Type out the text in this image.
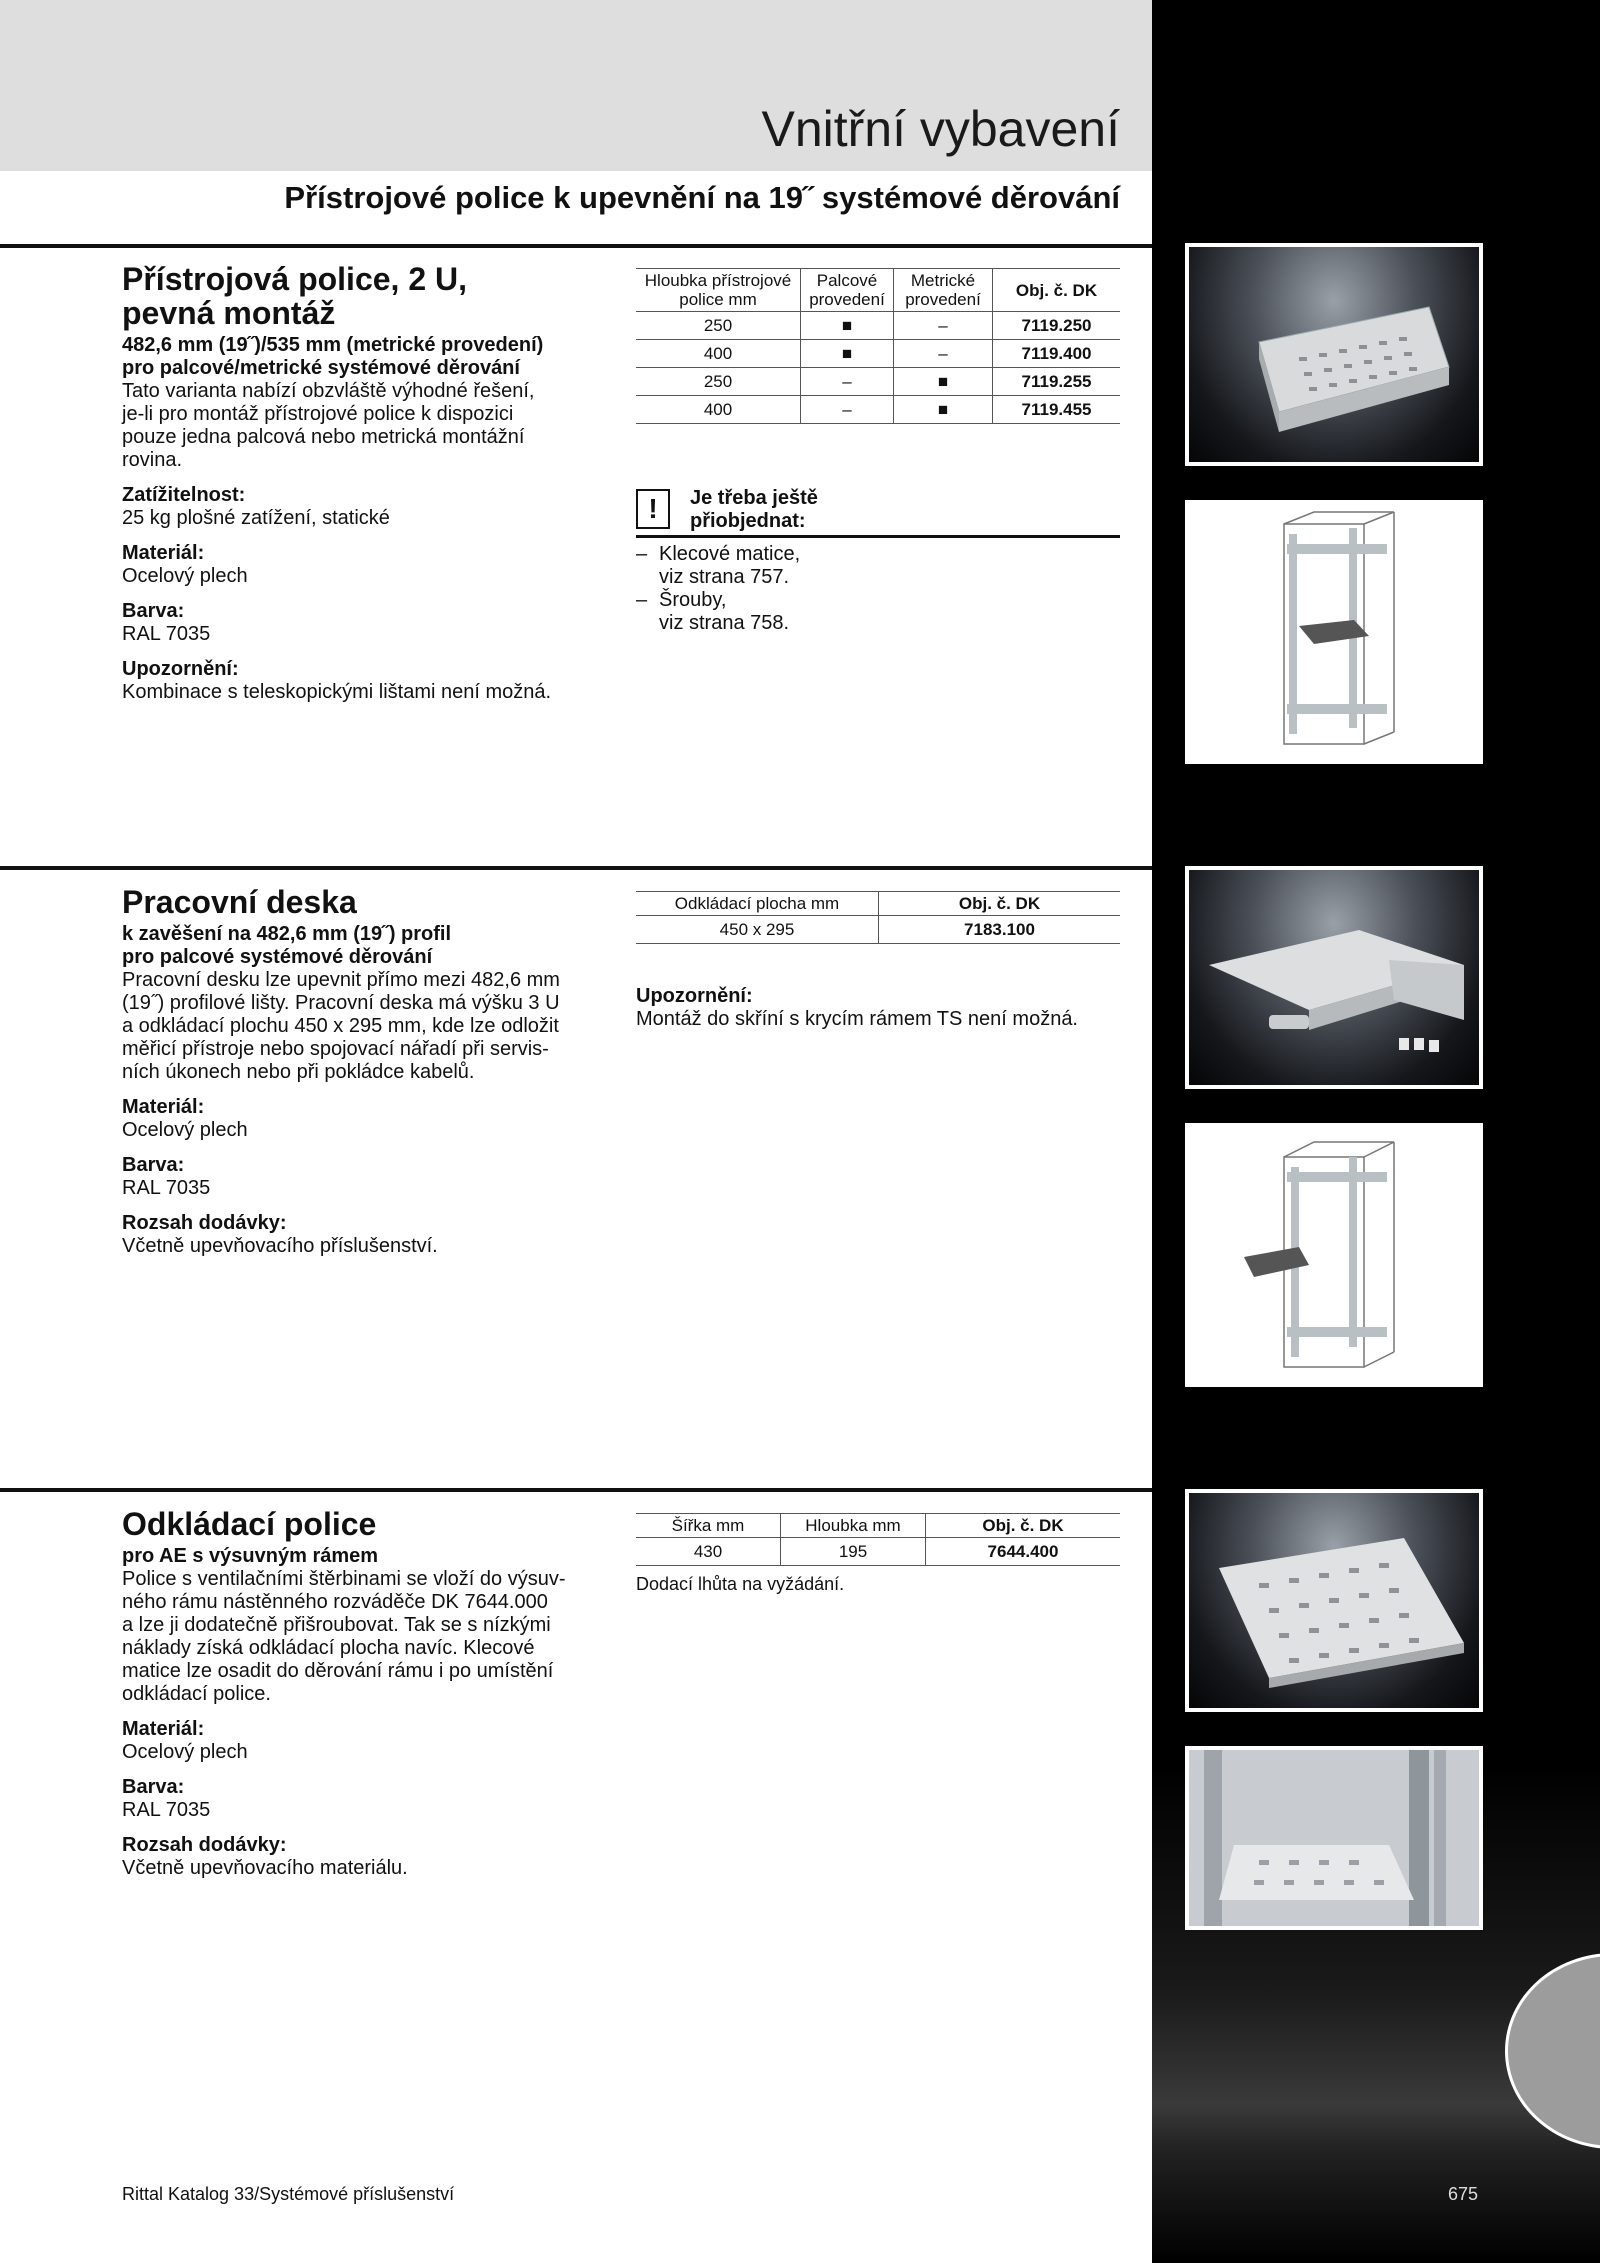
Vnitřní vybavení
Přístrojové police k upevnění na 19˝ systémové děrování
Přístrojová police, 2 U,
pevná montáž
482,6 mm (19˝)/535 mm (metrické provedení)
pro palcové/metrické systémové děrování
Tato varianta nabízí obzvláště výhodné řešení,
je-li pro montáž přístrojové police k dispozici
pouze jedna palcová nebo metrická montážní
rovina.
Zatížitelnost:
25 kg plošné zatížení, statické
Materiál:
Ocelový plech
Barva:
RAL 7035
Upozornění:
Kombinace s teleskopickými lištami není možná.
Hloubka přístrojové police mm	Palcové provedení	Metrické provedení	Obj. č. DK
250	■	–	7119.250
400	■	–	7119.400
250	–	■	7119.255
400	–	■	7119.455
!	Je třeba ještě
přiobjednat:
– Klecové matice,
viz strana 757.
– Šrouby,
viz strana 758.
Pracovní deska
k zavěšení na 482,6 mm (19˝) profil
pro palcové systémové děrování
Pracovní desku lze upevnit přímo mezi 482,6 mm
(19˝) profilové lišty. Pracovní deska má výšku 3 U
a odkládací plochu 450 x 295 mm, kde lze odložit
měřicí přístroje nebo spojovací nářadí při servis-
ních úkonech nebo při pokládce kabelů.
Materiál:
Ocelový plech
Barva:
RAL 7035
Rozsah dodávky:
Včetně upevňovacího příslušenství.
Odkládací plocha mm	Obj. č. DK
450 x 295	7183.100
Upozornění:
Montáž do skříní s krycím rámem TS není možná.
Odkládací police
pro AE s výsuvným rámem
Police s ventilačními štěrbinami se vloží do výsuv-
ného rámu nástěnného rozváděče DK 7644.000
a lze ji dodatečně přišroubovat. Tak se s nízkými
náklady získá odkládací plocha navíc. Klecové
matice lze osadit do děrování rámu i po umístění
odkládací police.
Materiál:
Ocelový plech
Barva:
RAL 7035
Rozsah dodávky:
Včetně upevňovacího materiálu.
Šířka mm	Hloubka mm	Obj. č. DK
430	195	7644.400
Dodací lhůta na vyžádání.
Rittal Katalog 33/Systémové příslušenství	675
